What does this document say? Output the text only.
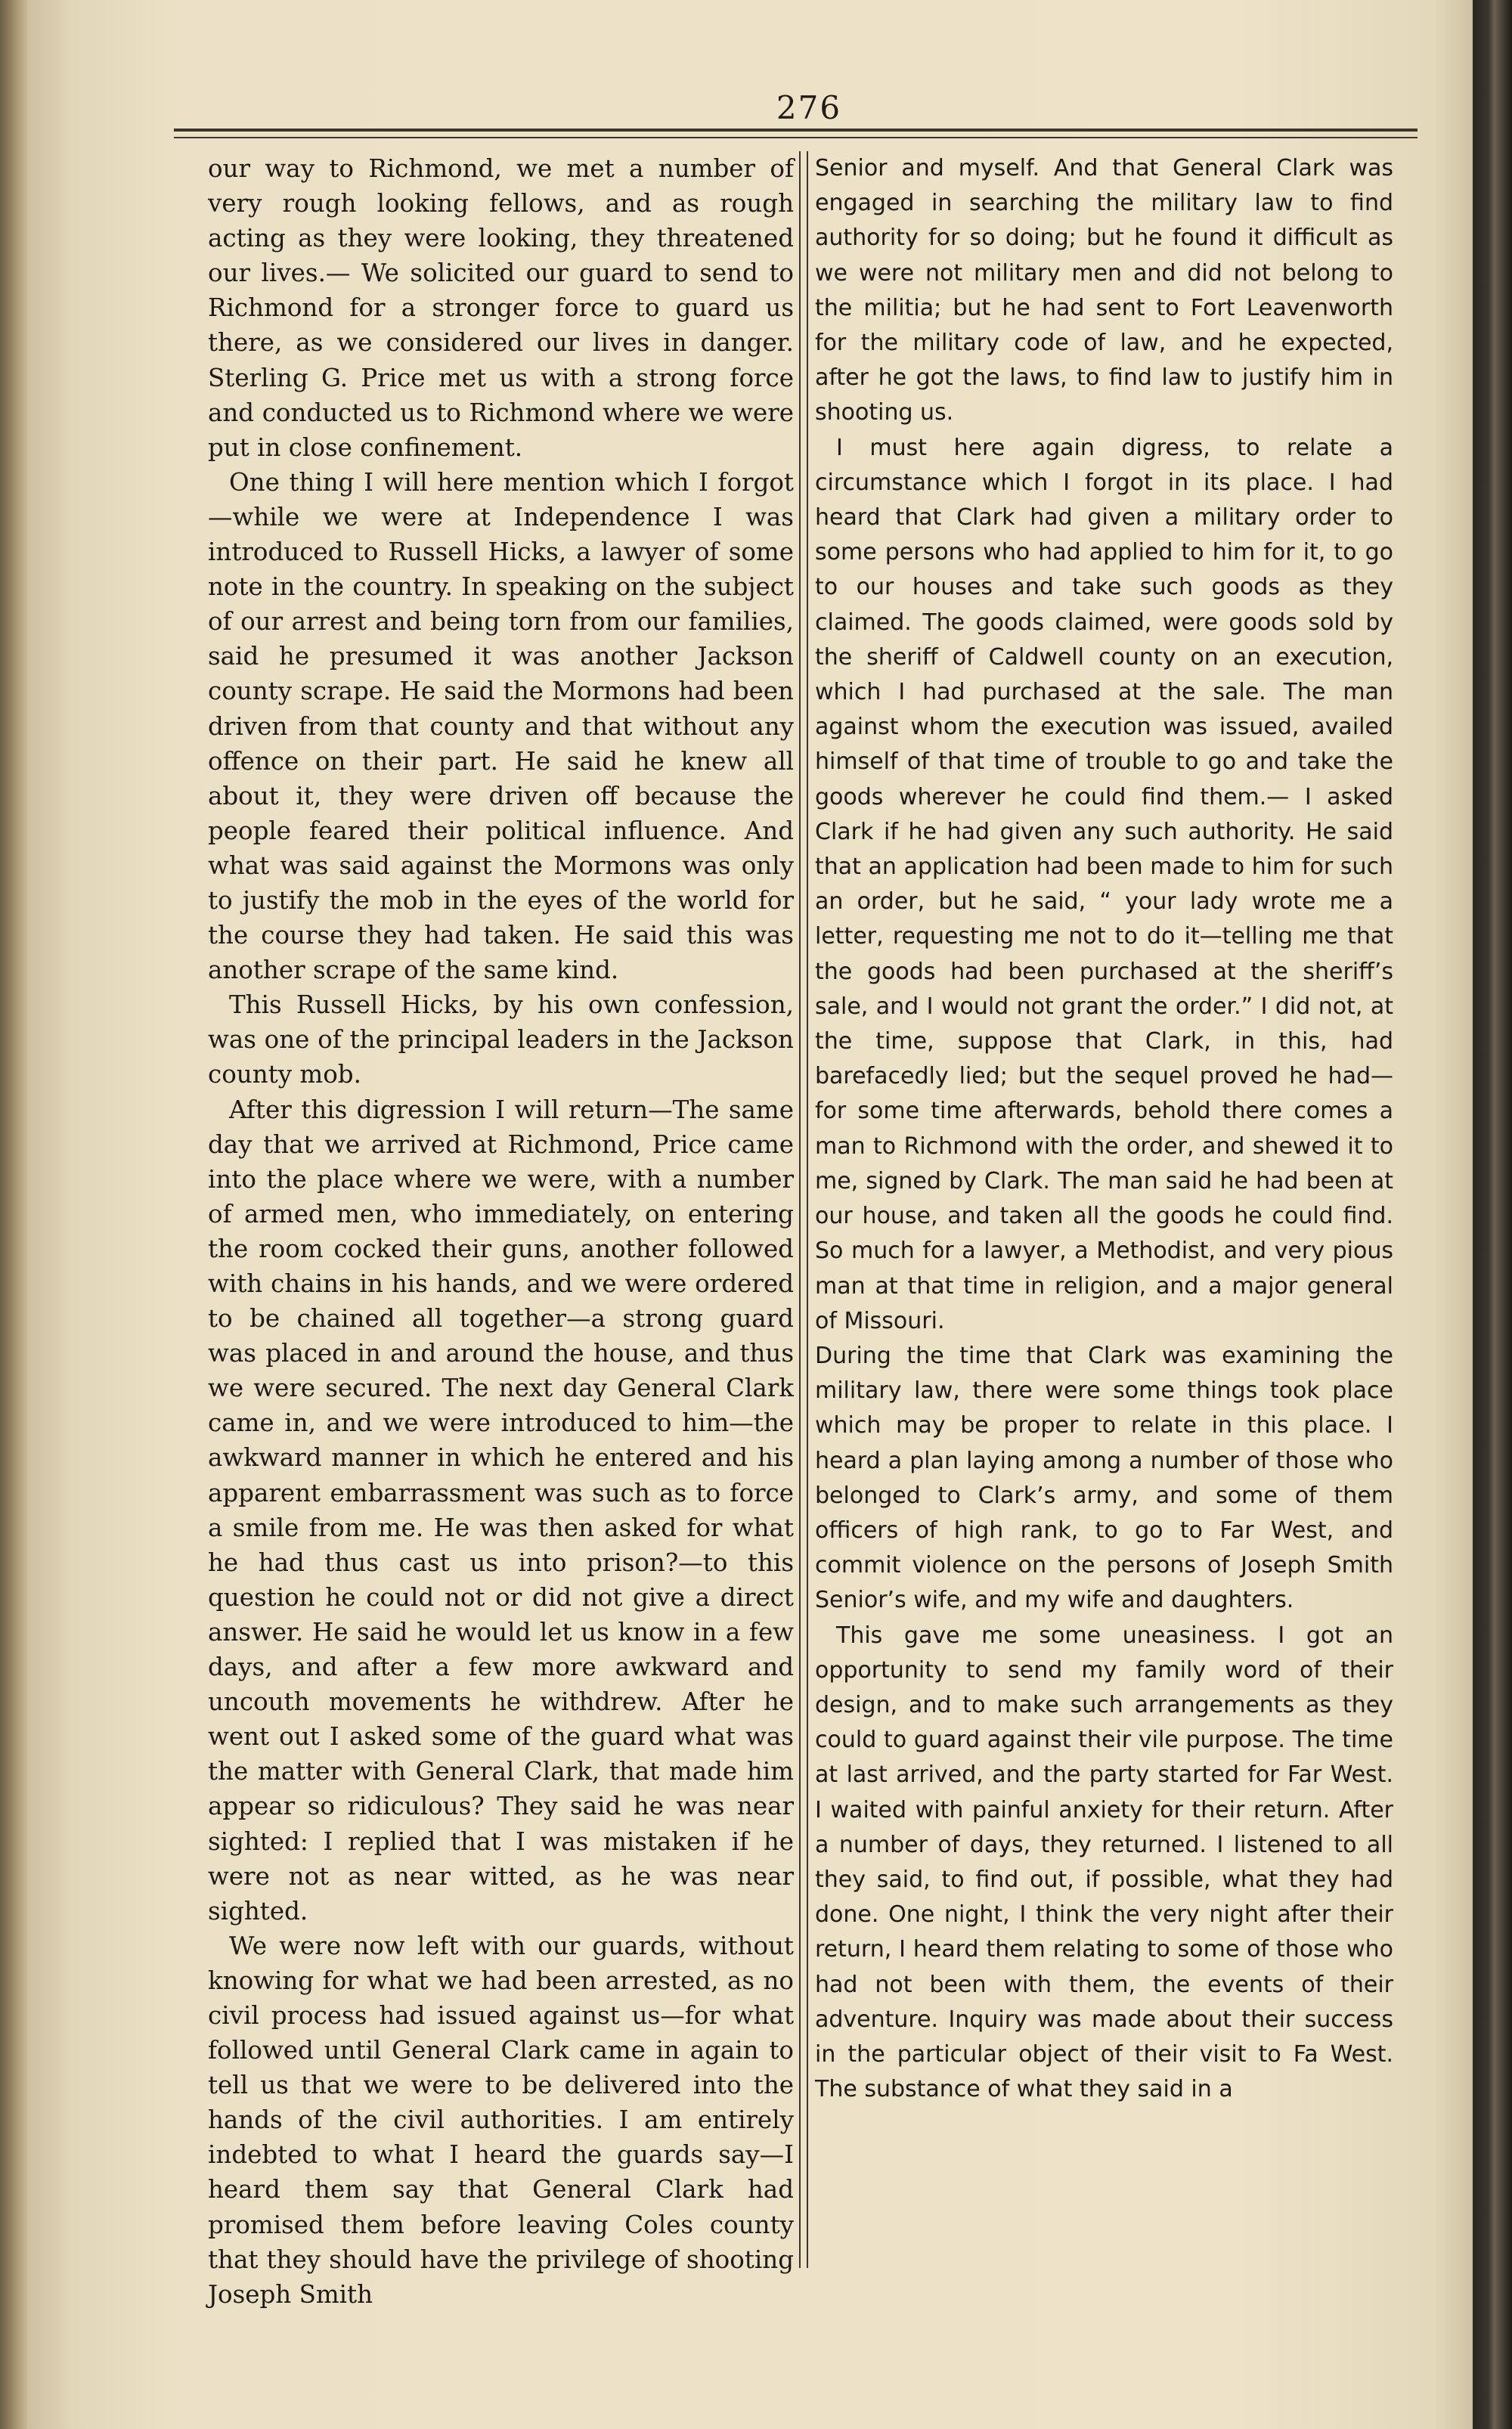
276

our way to Richmond, we met a number of very rough looking fellows, and as rough acting as they were looking, they threatened our lives.— We solicited our guard to send to Richmond for a stronger force to guard us there, as we considered our lives in danger. Sterling G. Price met us with a strong force and conducted us to Richmond where we were put in close confinement.

One thing I will here mention which I forgot —while we were at Independence I was introduced to Russell Hicks, a lawyer of some note in the country. In speaking on the subject of our arrest and being torn from our families, said he presumed it was another Jackson county scrape. He said the Mormons had been driven from that county and that without any offence on their part. He said he knew all about it, they were driven off because the people feared their political influence. And what was said against the Mormons was only to justify the mob in the eyes of the world for the course they had taken. He said this was another scrape of the same kind.

This Russell Hicks, by his own confession, was one of the principal leaders in the Jackson county mob.

After this digression I will return—The same day that we arrived at Richmond, Price came into the place where we were, with a number of armed men, who immediately, on entering the room cocked their guns, another followed with chains in his hands, and we were ordered to be chained all together—a strong guard was placed in and around the house, and thus we were secured. The next day General Clark came in, and we were introduced to him—the awkward manner in which he entered and his apparent embarrassment was such as to force a smile from me. He was then asked for what he had thus cast us into prison?—to this question he could not or did not give a direct answer. He said he would let us know in a few days, and after a few more awkward and uncouth movements he withdrew. After he went out I asked some of the guard what was the matter with General Clark, that made him appear so ridiculous? They said he was near sighted: I replied that I was mistaken if he were not as near witted, as he was near sighted.

We were now left with our guards, without knowing for what we had been arrested, as no civil process had issued against us—for what followed until General Clark came in again to tell us that we were to be delivered into the hands of the civil authorities. I am entirely indebted to what I heard the guards say—I heard them say that General Clark had promised them before leaving Coles county that they should have the privilege of shooting Joseph Smith

Senior and myself. And that General Clark was engaged in searching the military law to find authority for so doing; but he found it difficult as we were not military men and did not belong to the militia; but he had sent to Fort Leavenworth for the military code of law, and he expected, after he got the laws, to find law to justify him in shooting us.

I must here again digress, to relate a circumstance which I forgot in its place. I had heard that Clark had given a military order to some persons who had applied to him for it, to go to our houses and take such goods as they claimed. The goods claimed, were goods sold by the sheriff of Caldwell county on an execution, which I had purchased at the sale. The man against whom the execution was issued, availed himself of that time of trouble to go and take the goods wherever he could find them.— I asked Clark if he had given any such authority. He said that an application had been made to him for such an order, but he said, “ your lady wrote me a letter, requesting me not to do it—telling me that the goods had been purchased at the sheriff’s sale, and I would not grant the order.” I did not, at the time, suppose that Clark, in this, had barefacedly lied; but the sequel proved he had—for some time afterwards, behold there comes a man to Richmond with the order, and shewed it to me, signed by Clark. The man said he had been at our house, and taken all the goods he could find. So much for a lawyer, a Methodist, and very pious man at that time in religion, and a major general of Missouri.

During the time that Clark was examining the military law, there were some things took place which may be proper to relate in this place. I heard a plan laying among a number of those who belonged to Clark’s army, and some of them officers of high rank, to go to Far West, and commit violence on the persons of Joseph Smith Senior’s wife, and my wife and daughters.

This gave me some uneasiness. I got an opportunity to send my family word of their design, and to make such arrangements as they could to guard against their vile purpose. The time at last arrived, and the party started for Far West. I waited with painful anxiety for their return. After a number of days, they returned. I listened to all they said, to find out, if possible, what they had done. One night, I think the very night after their return, I heard them relating to some of those who had not been with them, the events of their adventure. Inquiry was made about their success in the particular object of their visit to Fa West. The substance of what they said in a
